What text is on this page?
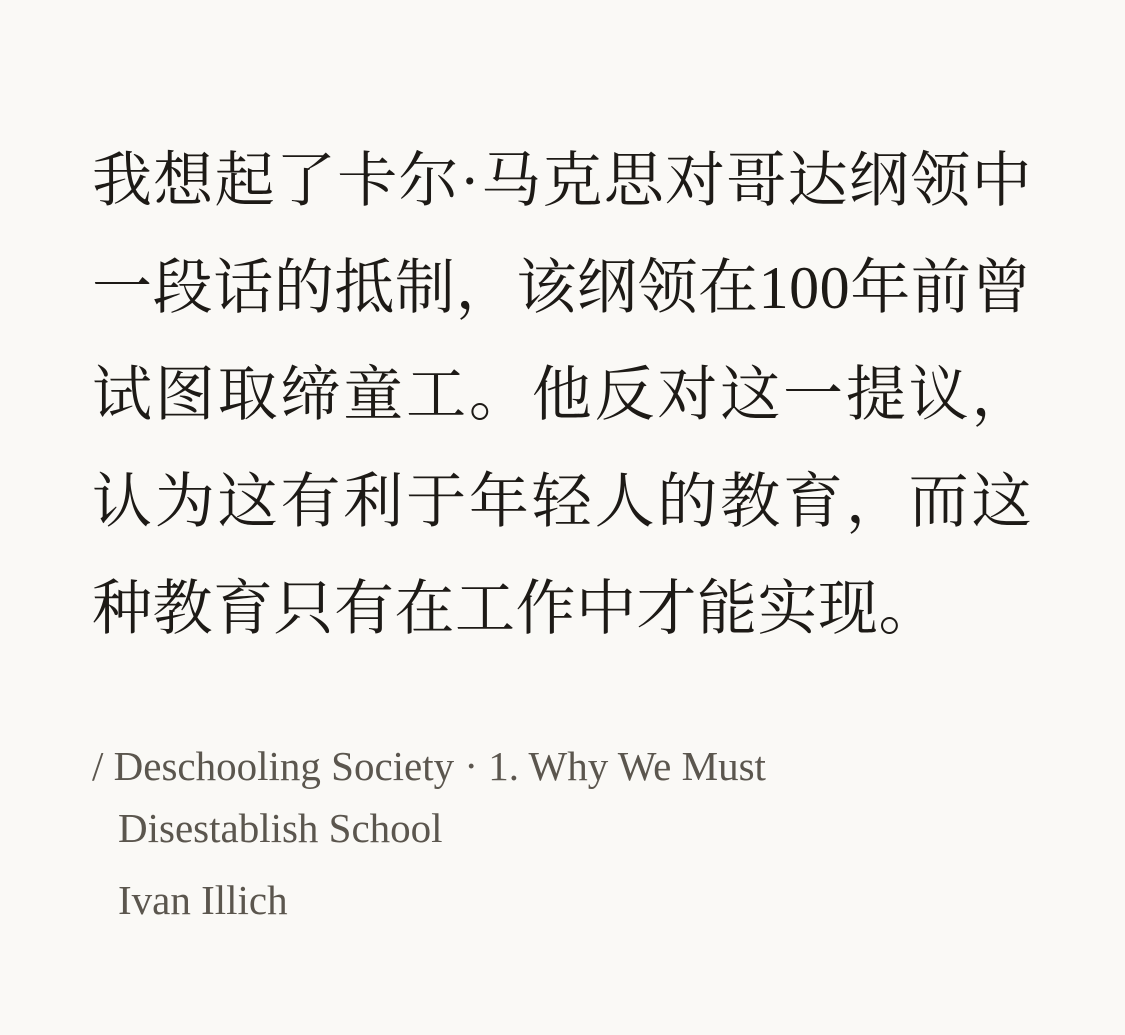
我想起了卡尔·马克思对哥达纲领中一段话的抵制，该纲领在100年前曾试图取缔童工。他反对这一提议，认为这有利于年轻人的教育，而这种教育只有在工作中才能实现。

/ Deschooling Society · 1. Why We Must Disestablish School
Ivan Illich
